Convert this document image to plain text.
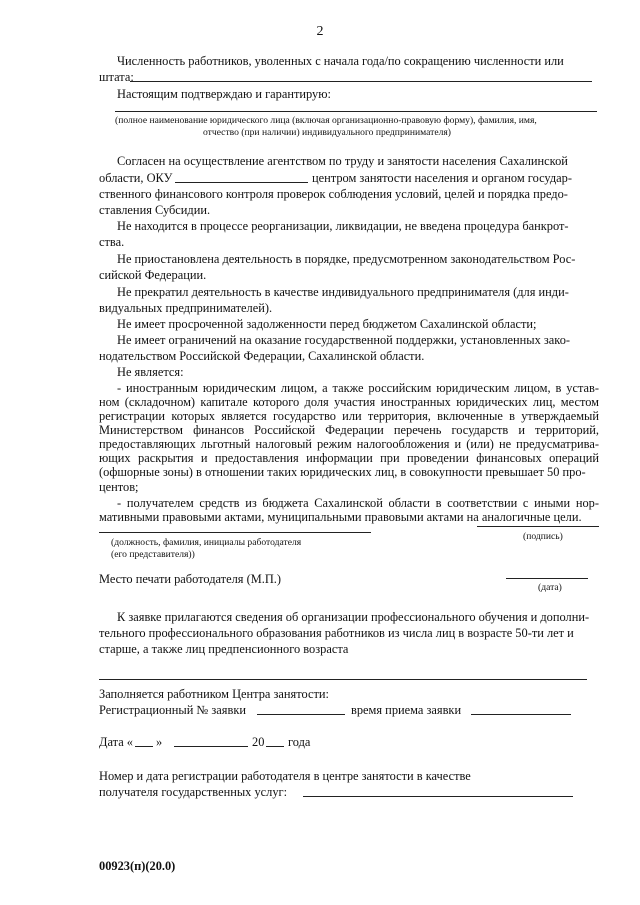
2
Численность работников, уволенных с начала года/по сокращению численности или
штата:
Настоящим подтверждаю и гарантирую:
(полное наименование юридического лица (включая организационно-правовую форму), фамилия, имя,
отчество (при наличии) индивидуального предпринимателя)
Согласен на осуществление агентством по труду и занятости населения Сахалинской
области, ОКУ	центром занятости населения и органом государ-
ственного финансового контроля проверок соблюдения условий, целей и порядка предо-
ставления Субсидии.
Не находится в процессе реорганизации, ликвидации, не введена процедура банкрот-
ства.
Не приостановлена деятельность в порядке, предусмотренном законодательством Рос-
сийской Федерации.
Не прекратил деятельность в качестве индивидуального предпринимателя (для инди-
видуальных предпринимателей).
Не имеет просроченной задолженности перед бюджетом Сахалинской области;
Не имеет ограничений на оказание государственной поддержки, установленных зако-
нодательством Российской Федерации, Сахалинской области.
Не является:
- иностранным юридическим лицом, а также российским юридическим лицом, в устав- ном (складочном) капитале которого доля участия иностранных юридических лиц, местом регистрации которых является государство или территория, включенные в утверждаемый Министерством финансов Российской Федерации перечень государств и территорий, предоставляющих льготный налоговый режим налогообложения и (или) не предусматрива- ющих раскрытия и предоставления информации при проведении финансовых операций (офшорные зоны) в отношении таких юридических лиц, в совокупности превышает 50 про-
центов;
- получателем средств из бюджета Сахалинской области в соответствии с иными нор- мативными правовыми актами, муниципальными правовыми актами на аналогичные цели.
(должность, фамилия, инициалы работодателя
(его представителя))
(подпись)
Место печати работодателя (М.П.)
(дата)
К заявке прилагаются сведения об организации профессионального обучения и дополни-
тельного профессионального образования работников из числа лиц в возрасте 50-ти лет и
старше, а также лиц предпенсионного возраста
Заполняется работником Центра занятости:
Регистрационный № заявки	время приема заявки
Дата « »	20 года
Номер и дата регистрации работодателя в центре занятости в качестве
получателя государственных услуг:
00923(п)(20.0)
